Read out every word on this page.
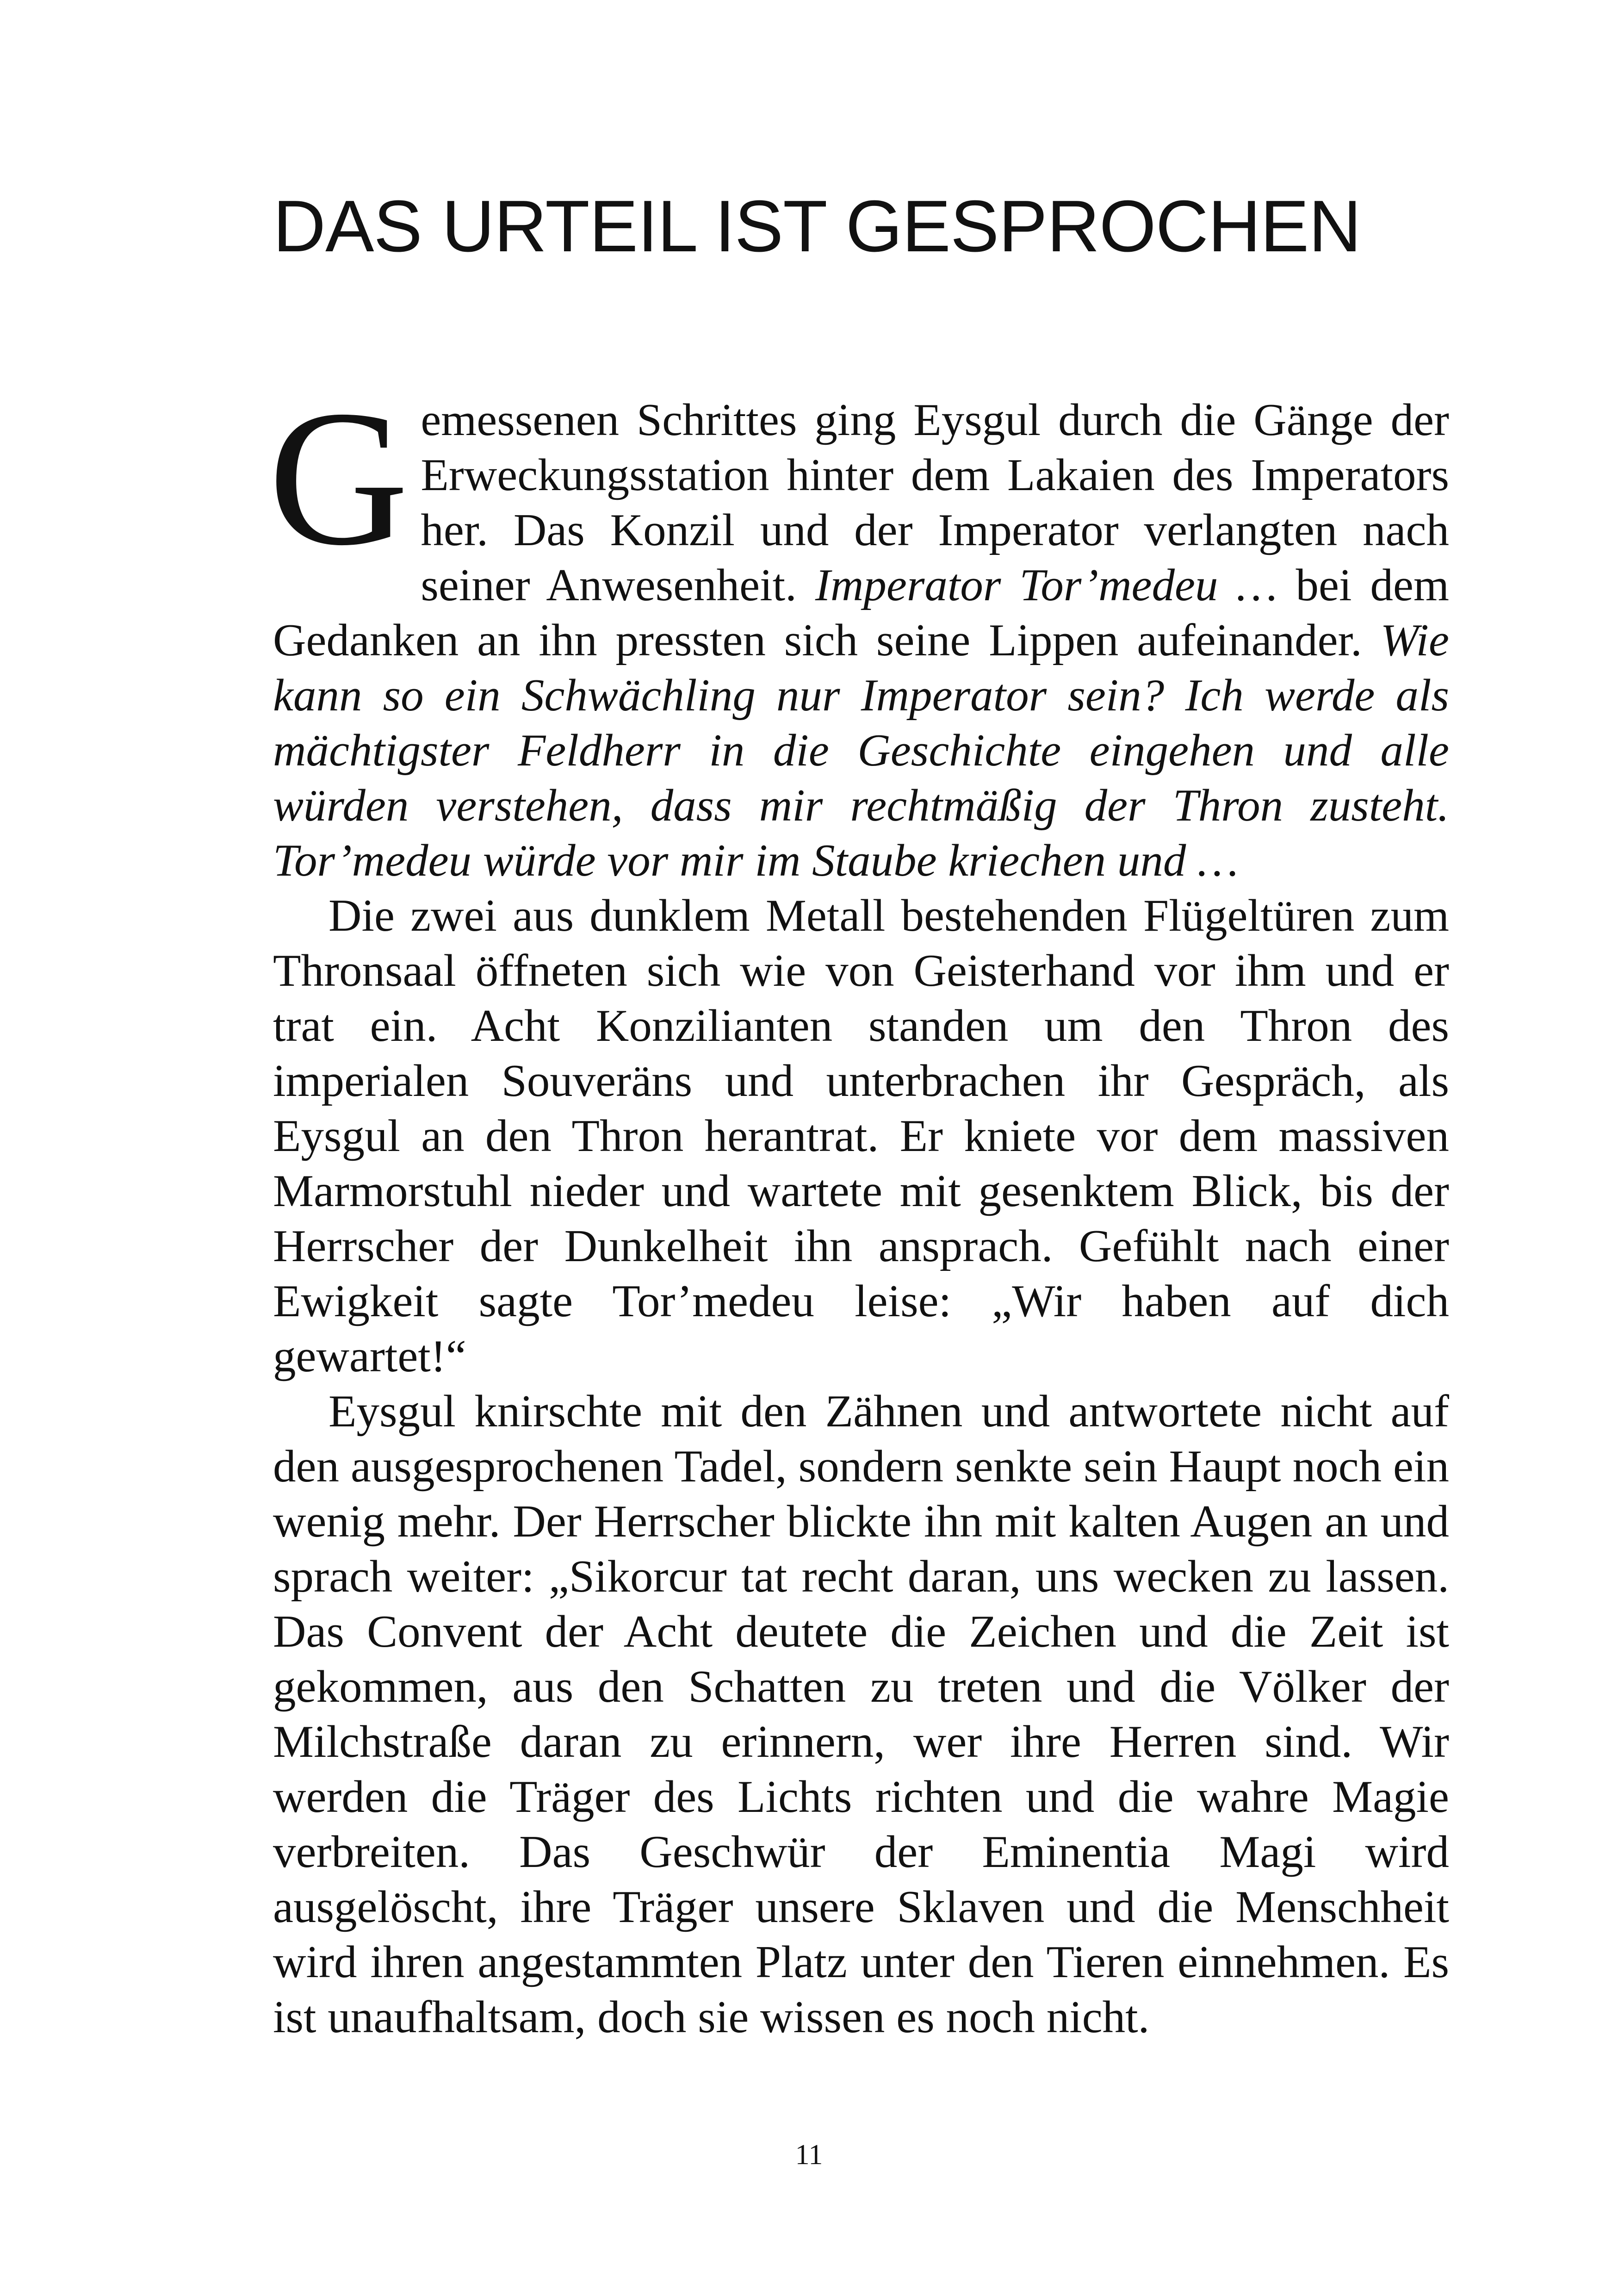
DAS URTEIL IST GESPROCHEN

Gemessenen Schrittes ging Eysgul durch die Gänge der Erweckungsstation hinter dem Lakaien des Imperators her. Das Konzil und der Imperator verlangten nach seiner Anwesenheit. Imperator Tor’medeu … bei dem Gedanken an ihn pressten sich seine Lippen aufeinander. Wie kann so ein Schwächling nur Imperator sein? Ich werde als mächtigster Feldherr in die Geschichte eingehen und alle würden verstehen, dass mir rechtmäßig der Thron zusteht. Tor’medeu würde vor mir im Staube kriechen und …

Die zwei aus dunklem Metall bestehenden Flügeltüren zum Thronsaal öffneten sich wie von Geisterhand vor ihm und er trat ein. Acht Konzilianten standen um den Thron des imperialen Souveräns und unterbrachen ihr Gespräch, als Eysgul an den Thron herantrat. Er kniete vor dem massiven Marmorstuhl nieder und wartete mit gesenktem Blick, bis der Herrscher der Dunkelheit ihn ansprach. Gefühlt nach einer Ewigkeit sagte Tor’medeu leise: „Wir haben auf dich gewartet!“

Eysgul knirschte mit den Zähnen und antwortete nicht auf den ausgesprochenen Tadel, sondern senkte sein Haupt noch ein wenig mehr. Der Herrscher blickte ihn mit kalten Augen an und sprach weiter: „Sikorcur tat recht daran, uns wecken zu lassen. Das Convent der Acht deutete die Zeichen und die Zeit ist gekommen, aus den Schatten zu treten und die Völker der Milchstraße daran zu erinnern, wer ihre Herren sind. Wir werden die Träger des Lichts richten und die wahre Magie verbreiten. Das Geschwür der Eminentia Magi wird ausgelöscht, ihre Träger unsere Sklaven und die Menschheit wird ihren angestammten Platz unter den Tieren einnehmen. Es ist unaufhaltsam, doch sie wissen es noch nicht.

11
